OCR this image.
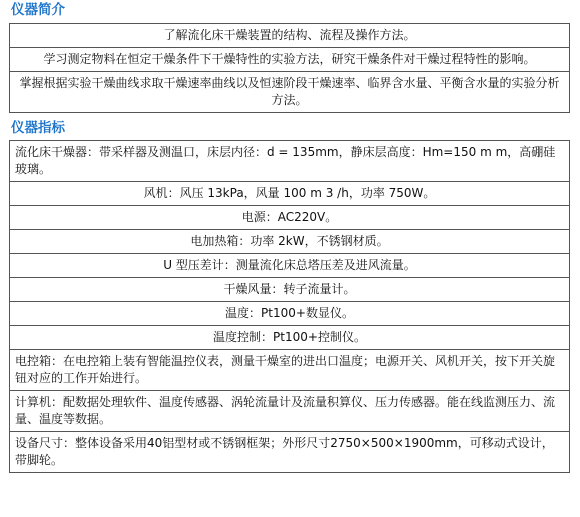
仪器简介
了解流化床干燥装置的结构、流程及操作方法。
学习测定物料在恒定干燥条件下干燥特性的实验方法，研究干燥条件对干燥过程特性的影响。
掌握根据实验干燥曲线求取干燥速率曲线以及恒速阶段干燥速率、临界含水量、平衡含水量的实验分析方法。
仪器指标
流化床干燥器：带采样器及测温口，床层内径：d = 135mm，静床层高度：Hm=150 m m，高硼硅玻璃。
风机：风压 13kPa，风量 100 m 3 /h，功率 750W。
电源：AC220V。
电加热箱：功率 2kW，不锈钢材质。
U 型压差计：测量流化床总塔压差及进风流量。
干燥风量：转子流量计。
温度：Pt100+数显仪。
温度控制：Pt100+控制仪。
电控箱：在电控箱上装有智能温控仪表，测量干燥室的进出口温度；电源开关、风机开关，按下开关旋钮对应的工作开始进行。
计算机：配数据处理软件、温度传感器、涡轮流量计及流量积算仪、压力传感器。能在线监测压力、流量、温度等数据。
设备尺寸：整体设备采用40铝型材或不锈钢框架；外形尺寸2750×500×1900mm，可移动式设计，带脚轮。
